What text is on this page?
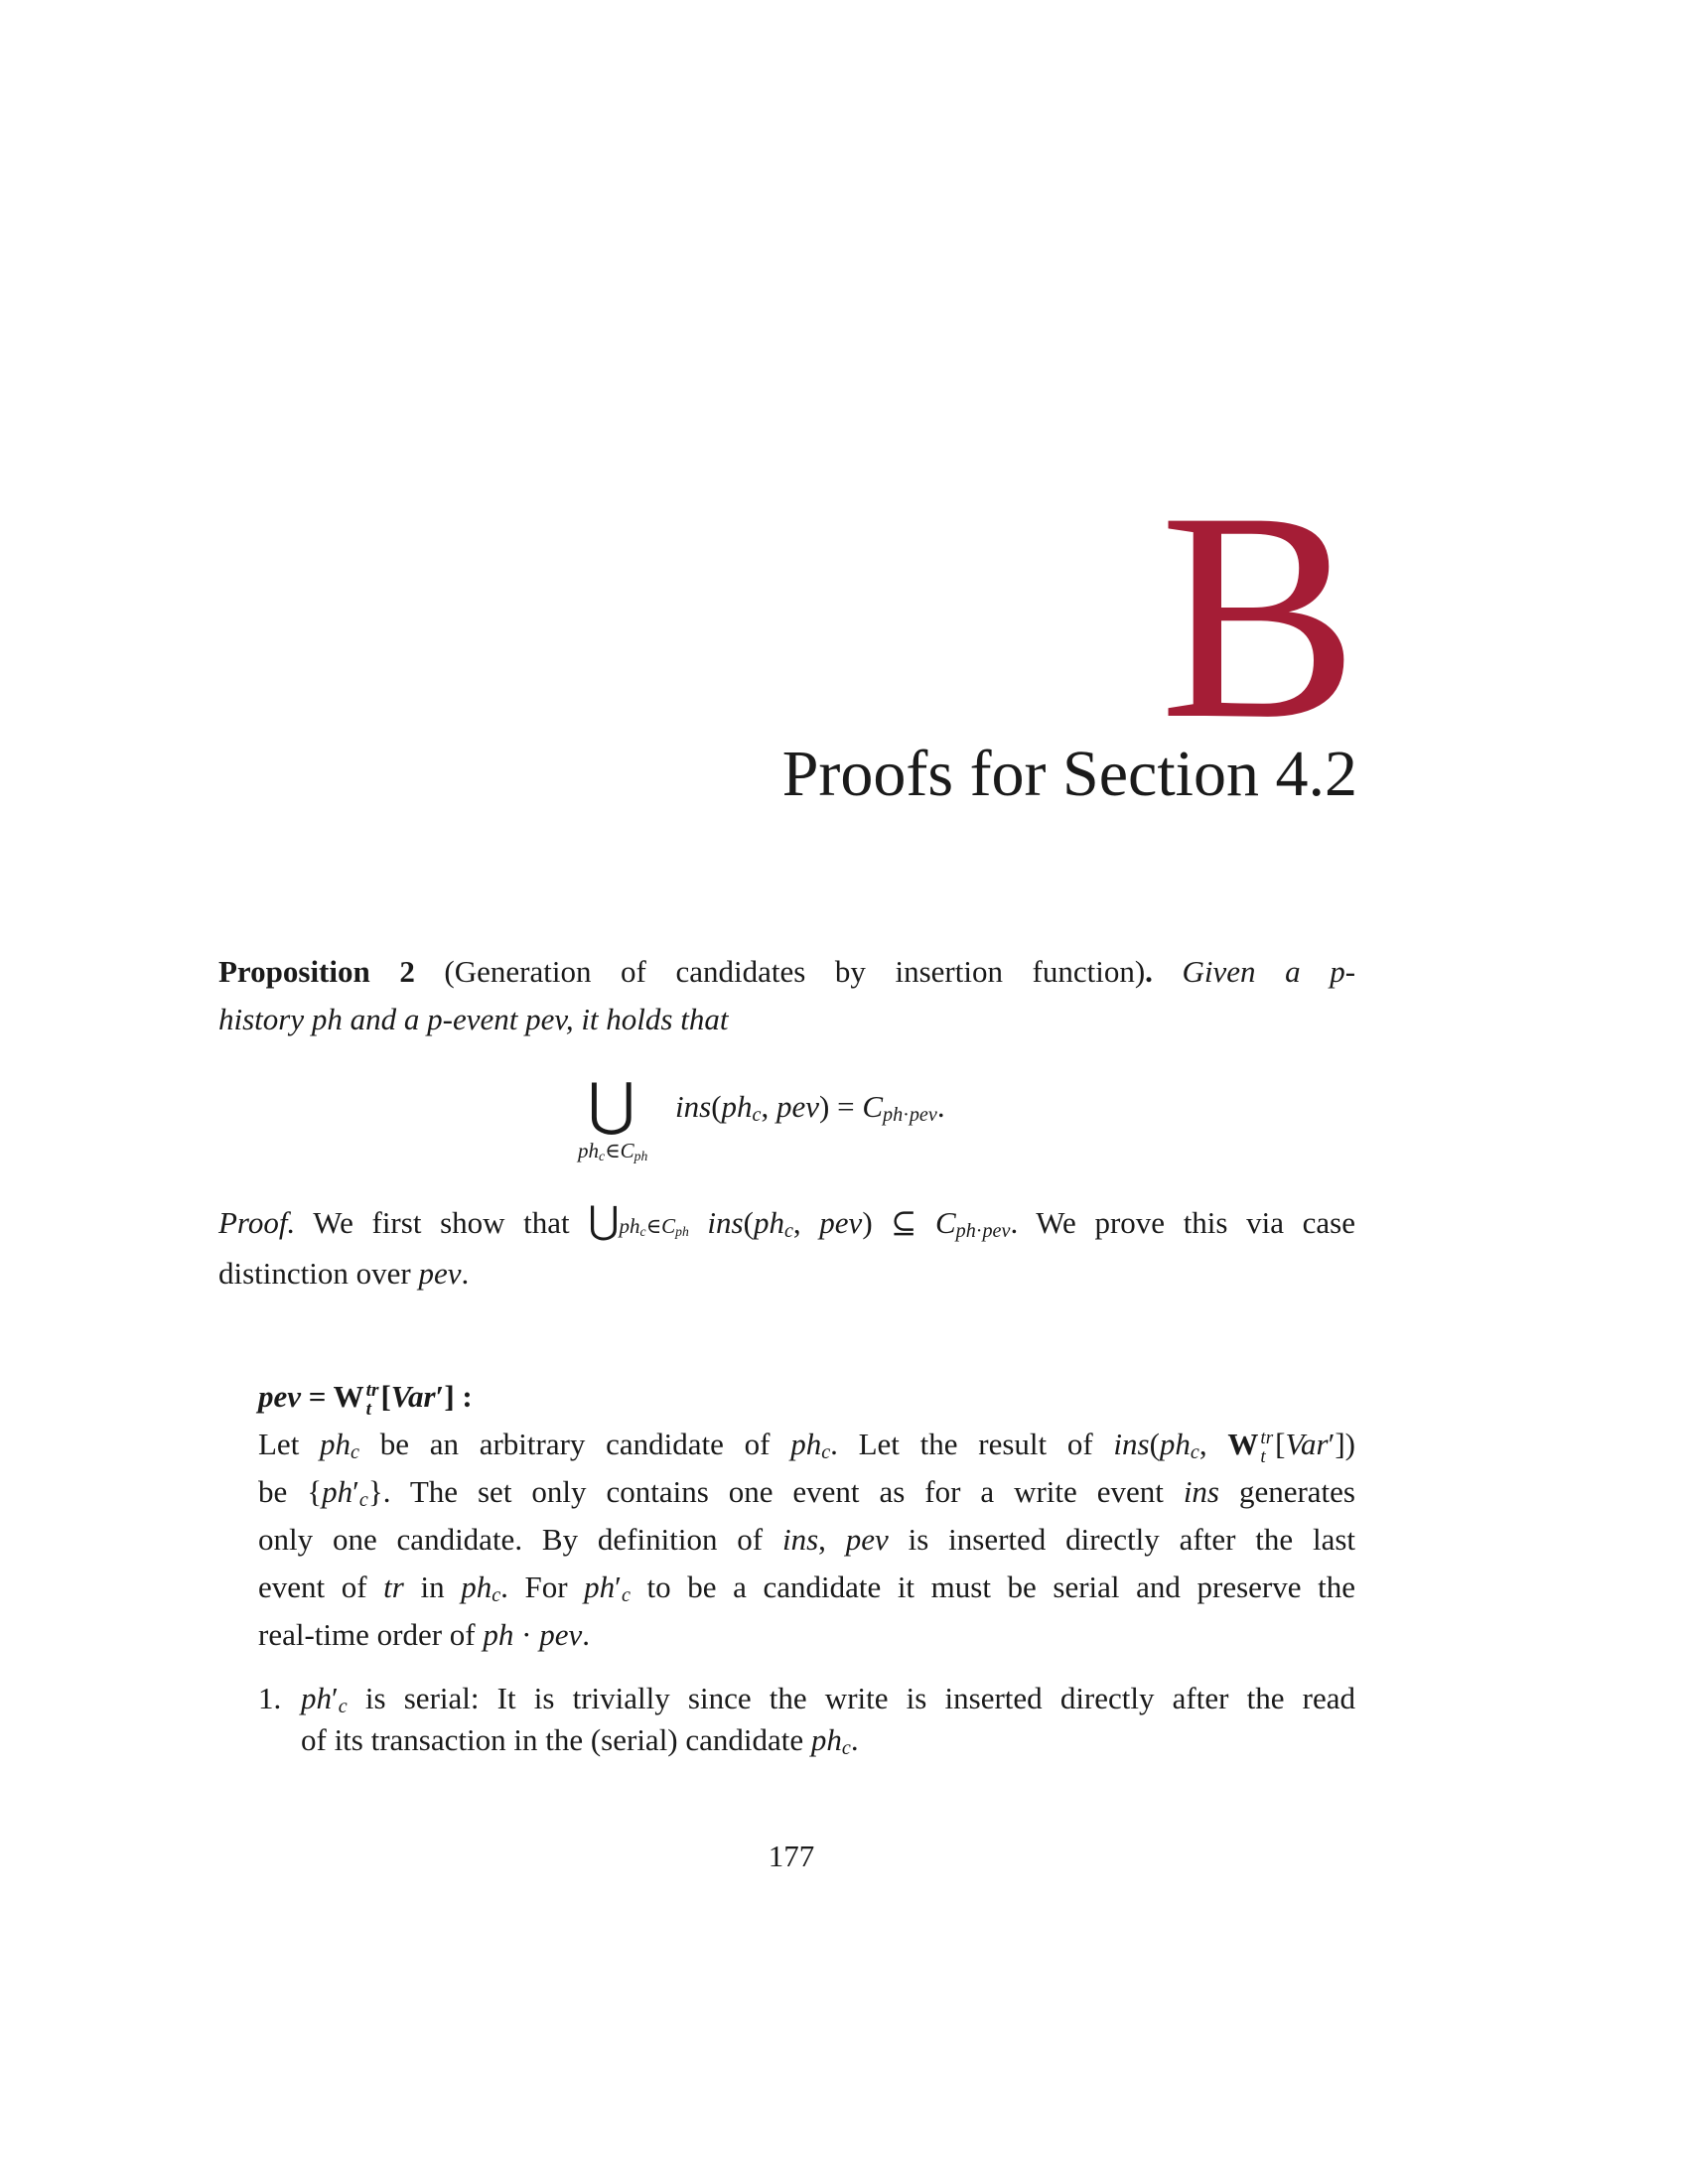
B
Proofs for Section 4.2
Proposition 2 (Generation of candidates by insertion function). Given a p-
history ph and a p-event pev, it holds that
⋃
$ph_c\in C_{ph}$
$ins(ph_c$, $pev) = C_{ph\cdot pev}$.
Proof. We first show that $⋃ph_c\in C_{ph}$ $ins(ph_c$, pev) ⊆ $C_{ph\cdot pev}$. We prove this via case
distinction over pev.
pev = W tr
t [Var′] :
Let $ph_c$ be an arbitrary candidate of $ph_c$. Let the result of $ins(ph_c$, W tr
t [Var′])
be $\{ph'_c\}$. The set only contains one event as for a write event ins generates
only one candidate. By definition of ins, pev is inserted directly after the last
event of tr in $ph_c$. For $ph'_c$ to be a candidate it must be serial and preserve the
real-time order of ph · pev.
1. $ph'_c$ is serial: It is trivially since the write is inserted directly after the read
of its transaction in the (serial) candidate $ph_c$.
177
